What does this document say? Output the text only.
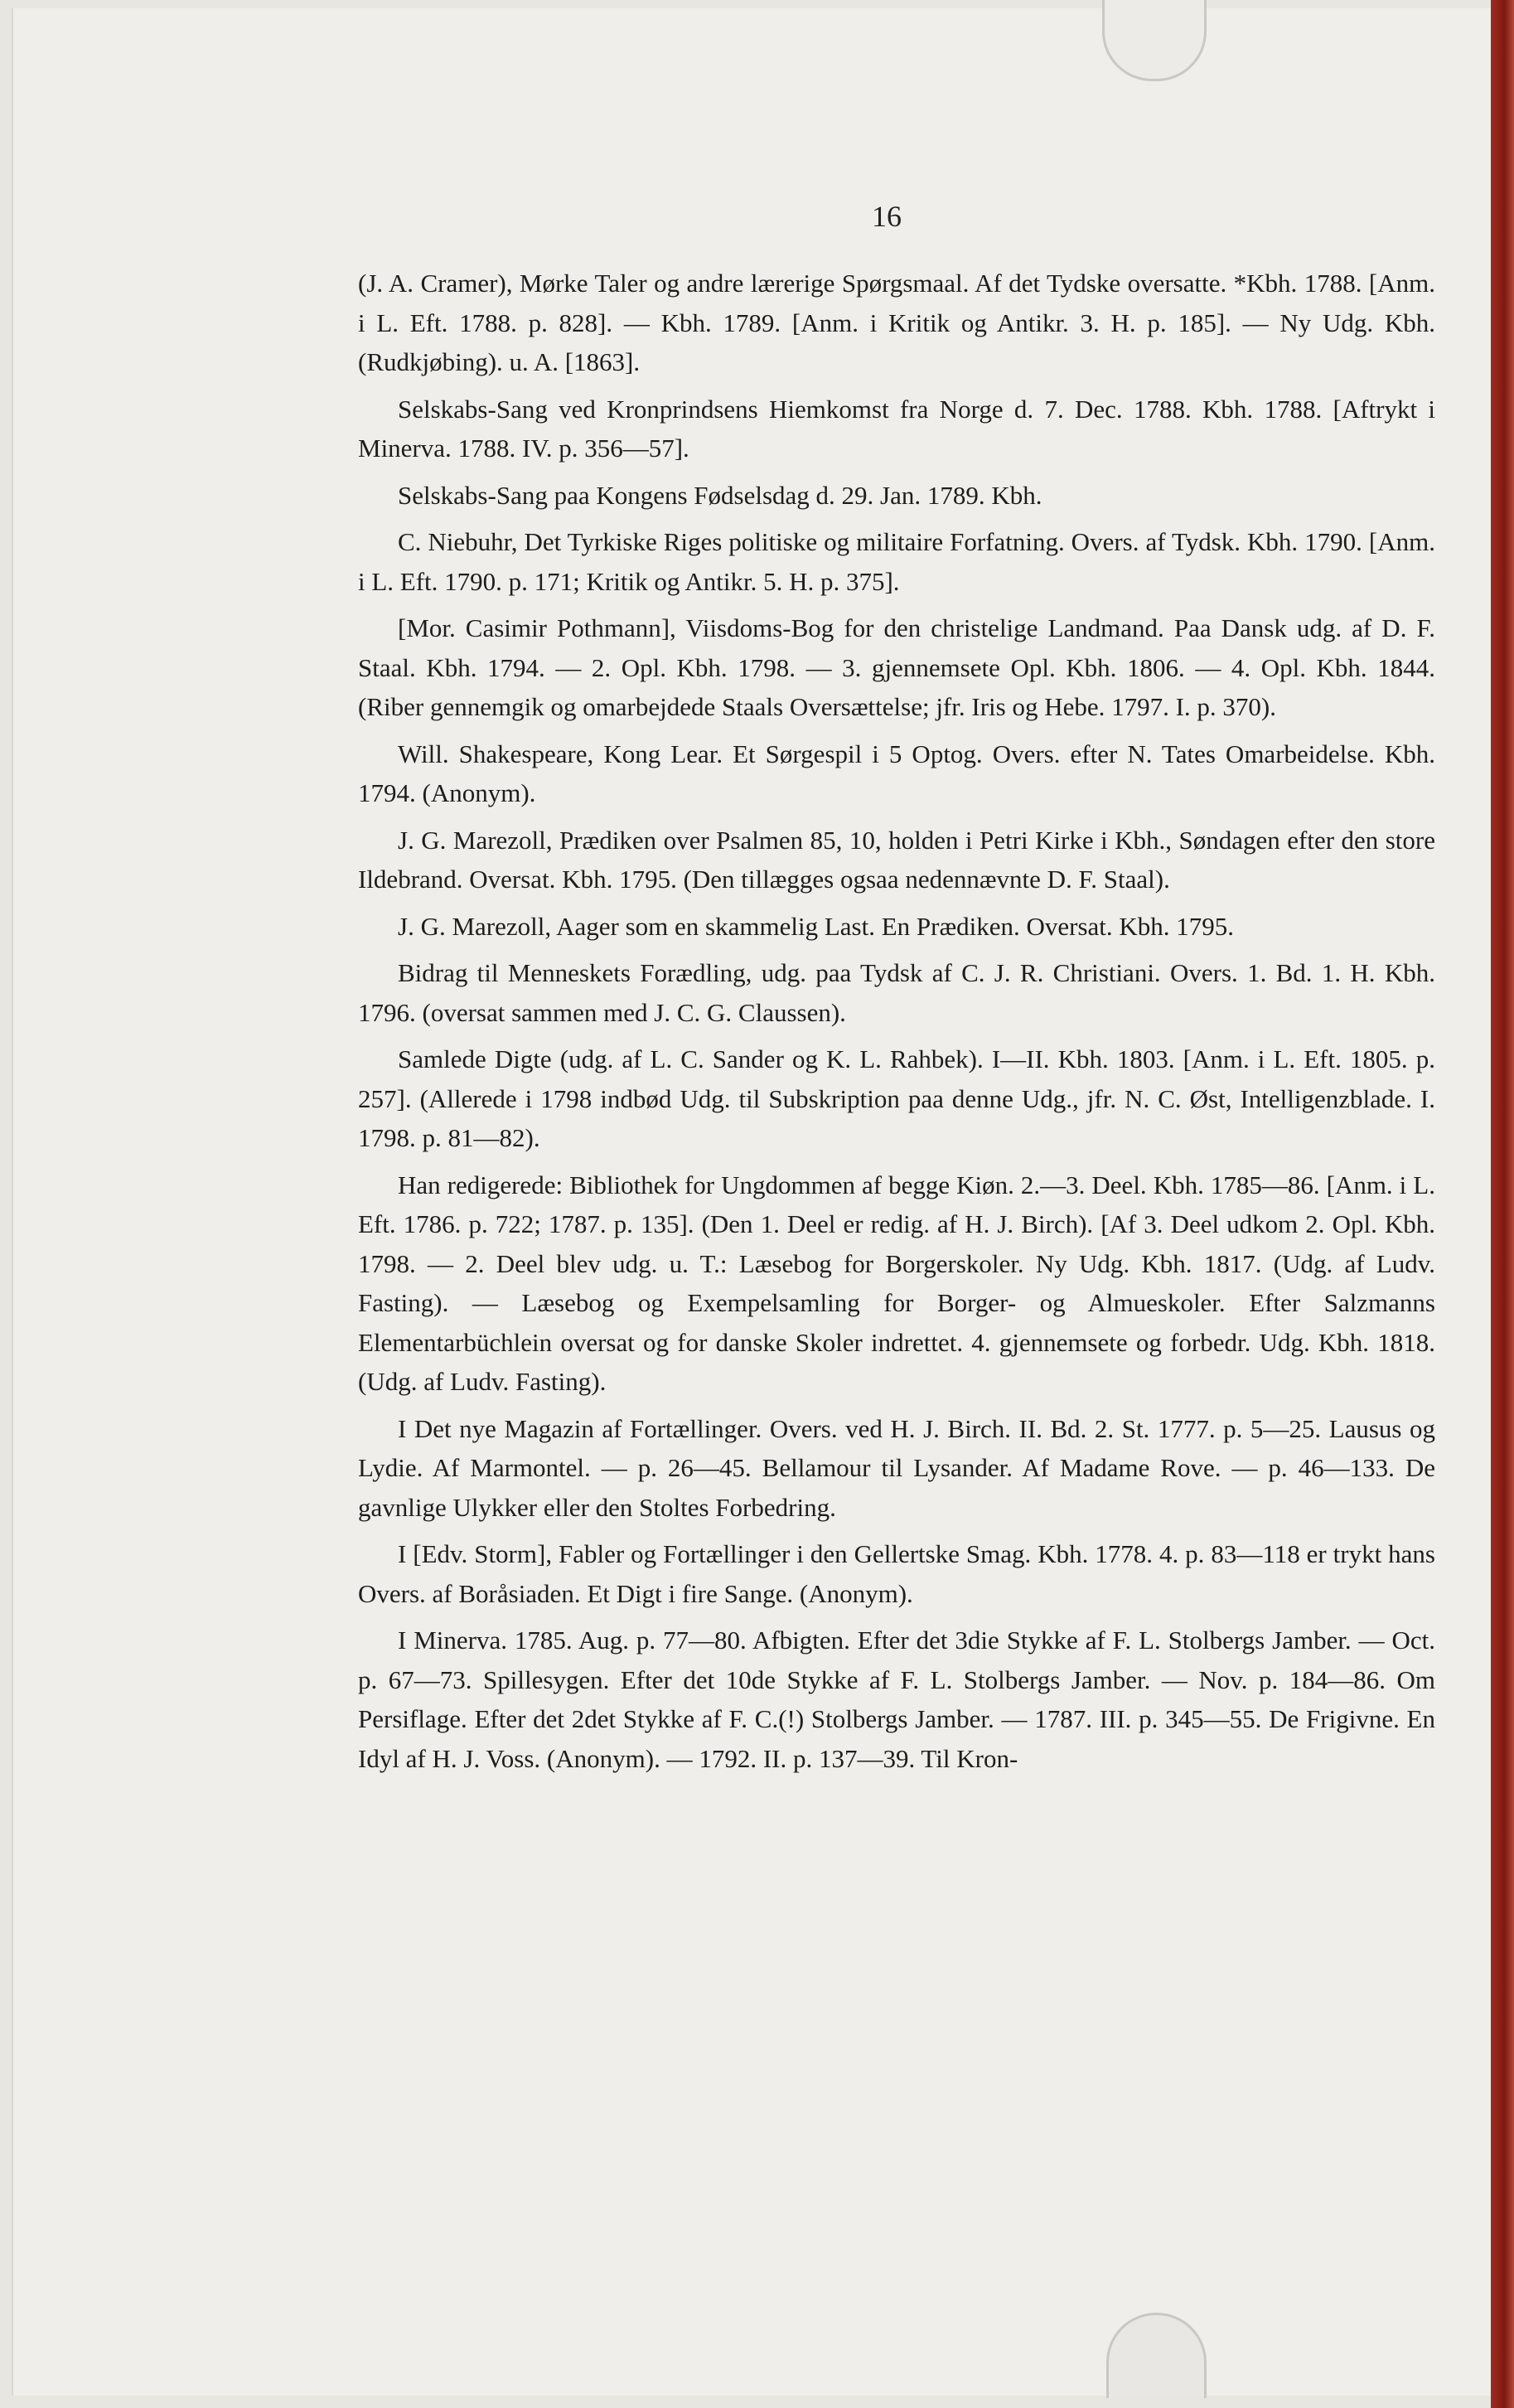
16

(J. A. Cramer), Mørke Taler og andre lærerige Spørgsmaal. Af det Tydske oversatte. *Kbh. 1788. [Anm. i L. Eft. 1788. p. 828]. — Kbh. 1789. [Anm. i Kritik og Antikr. 3. H. p. 185]. — Ny Udg. Kbh. (Rudkjøbing). u. A. [1863].

Selskabs-Sang ved Kronprindsens Hiemkomst fra Norge d. 7. Dec. 1788. Kbh. 1788. [Aftrykt i Minerva. 1788. IV. p. 356—57].

Selskabs-Sang paa Kongens Fødselsdag d. 29. Jan. 1789. Kbh.

C. Niebuhr, Det Tyrkiske Riges politiske og militaire Forfatning. Overs. af Tydsk. Kbh. 1790. [Anm. i L. Eft. 1790. p. 171; Kritik og Antikr. 5. H. p. 375].

[Mor. Casimir Pothmann], Viisdoms-Bog for den christelige Landmand. Paa Dansk udg. af D. F. Staal. Kbh. 1794. — 2. Opl. Kbh. 1798. — 3. gjennemsete Opl. Kbh. 1806. — 4. Opl. Kbh. 1844. (Riber gennemgik og omarbejdede Staals Oversættelse; jfr. Iris og Hebe. 1797. I. p. 370).

Will. Shakespeare, Kong Lear. Et Sørgespil i 5 Optog. Overs. efter N. Tates Omarbeidelse. Kbh. 1794. (Anonym).

J. G. Marezoll, Prædiken over Psalmen 85, 10, holden i Petri Kirke i Kbh., Søndagen efter den store Ildebrand. Oversat. Kbh. 1795. (Den tillægges ogsaa nedennævnte D. F. Staal).

J. G. Marezoll, Aager som en skammelig Last. En Prædiken. Oversat. Kbh. 1795.

Bidrag til Menneskets Forædling, udg. paa Tydsk af C. J. R. Christiani. Overs. 1. Bd. 1. H. Kbh. 1796. (oversat sammen med J. C. G. Claussen).

Samlede Digte (udg. af L. C. Sander og K. L. Rahbek). I—II. Kbh. 1803. [Anm. i L. Eft. 1805. p. 257]. (Allerede i 1798 indbød Udg. til Subskription paa denne Udg., jfr. N. C. Øst, Intelligenzblade. I. 1798. p. 81—82).

Han redigerede: Bibliothek for Ungdommen af begge Kiøn. 2.—3. Deel. Kbh. 1785—86. [Anm. i L. Eft. 1786. p. 722; 1787. p. 135]. (Den 1. Deel er redig. af H. J. Birch). [Af 3. Deel udkom 2. Opl. Kbh. 1798. — 2. Deel blev udg. u. T.: Læsebog for Borgerskoler. Ny Udg. Kbh. 1817. (Udg. af Ludv. Fasting). — Læsebog og Exempelsamling for Borger- og Almueskoler. Efter Salzmanns Elementarbüchlein oversat og for danske Skoler indrettet. 4. gjennemsete og forbedr. Udg. Kbh. 1818. (Udg. af Ludv. Fasting).

I Det nye Magazin af Fortællinger. Overs. ved H. J. Birch. II. Bd. 2. St. 1777. p. 5—25. Lausus og Lydie. Af Marmontel. — p. 26—45. Bellamour til Lysander. Af Madame Rove. — p. 46—133. De gavnlige Ulykker eller den Stoltes Forbedring.

I [Edv. Storm], Fabler og Fortællinger i den Gellertske Smag. Kbh. 1778. 4. p. 83—118 er trykt hans Overs. af Boråsiaden. Et Digt i fire Sange. (Anonym).

I Minerva. 1785. Aug. p. 77—80. Afbigten. Efter det 3die Stykke af F. L. Stolbergs Jamber. — Oct. p. 67—73. Spillesygen. Efter det 10de Stykke af F. L. Stolbergs Jamber. — Nov. p. 184—86. Om Persiflage. Efter det 2det Stykke af F. C.(!) Stolbergs Jamber. — 1787. III. p. 345—55. De Frigivne. En Idyl af H. J. Voss. (Anonym). — 1792. II. p. 137—39. Til Kron-
